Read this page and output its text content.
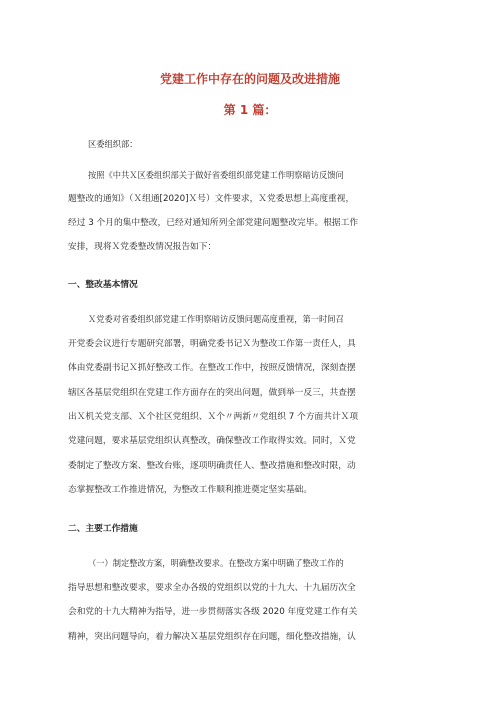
党建工作中存在的问题及改进措施
第 1 篇：
区委组织部：
按照《中共Ｘ区委组织部关于做好省委组织部党建工作明察暗访反馈问
题整改的通知》（Ｘ组通[2020]Ｘ号）文件要求，Ｘ党委思想上高度重视，
经过 3 个月的集中整改，已经对通知所列全部党建问题整改完毕。根据工作
安排，现将Ｘ党委整改情况报告如下：
一、整改基本情况
Ｘ党委对省委组织部党建工作明察暗访反馈问题高度重视，第一时间召
开党委会议进行专题研究部署，明确党委书记Ｘ为整改工作第一责任人，具
体由党委副书记Ｘ抓好整改工作。在整改工作中，按照反馈情况，深刻查摆
辖区各基层党组织在党建工作方面存在的突出问题，做到举一反三，共查摆
出Ｘ机关党支部、Ｘ个社区党组织、Ｘ个〃两新〃党组织 7 个方面共计Ｘ项
党建问题，要求基层党组织认真整改，确保整改工作取得实效。同时，Ｘ党
委制定了整改方案、整改台账，逐项明确责任人、整改措施和整改时限，动
态掌握整改工作推进情况，为整改工作顺利推进奠定坚实基础。
二、主要工作措施
（一）制定整改方案，明确整改要求。在整改方案中明确了整改工作的
指导思想和整改要求，要求全办各级的党组织以党的十九大、十九届历次全
会和党的十九大精神为指导，进一步贯彻落实各级 2020 年度党建工作有关
精神，突出问题导向，着力解决Ｘ基层党组织存在问题，细化整改措施，认
